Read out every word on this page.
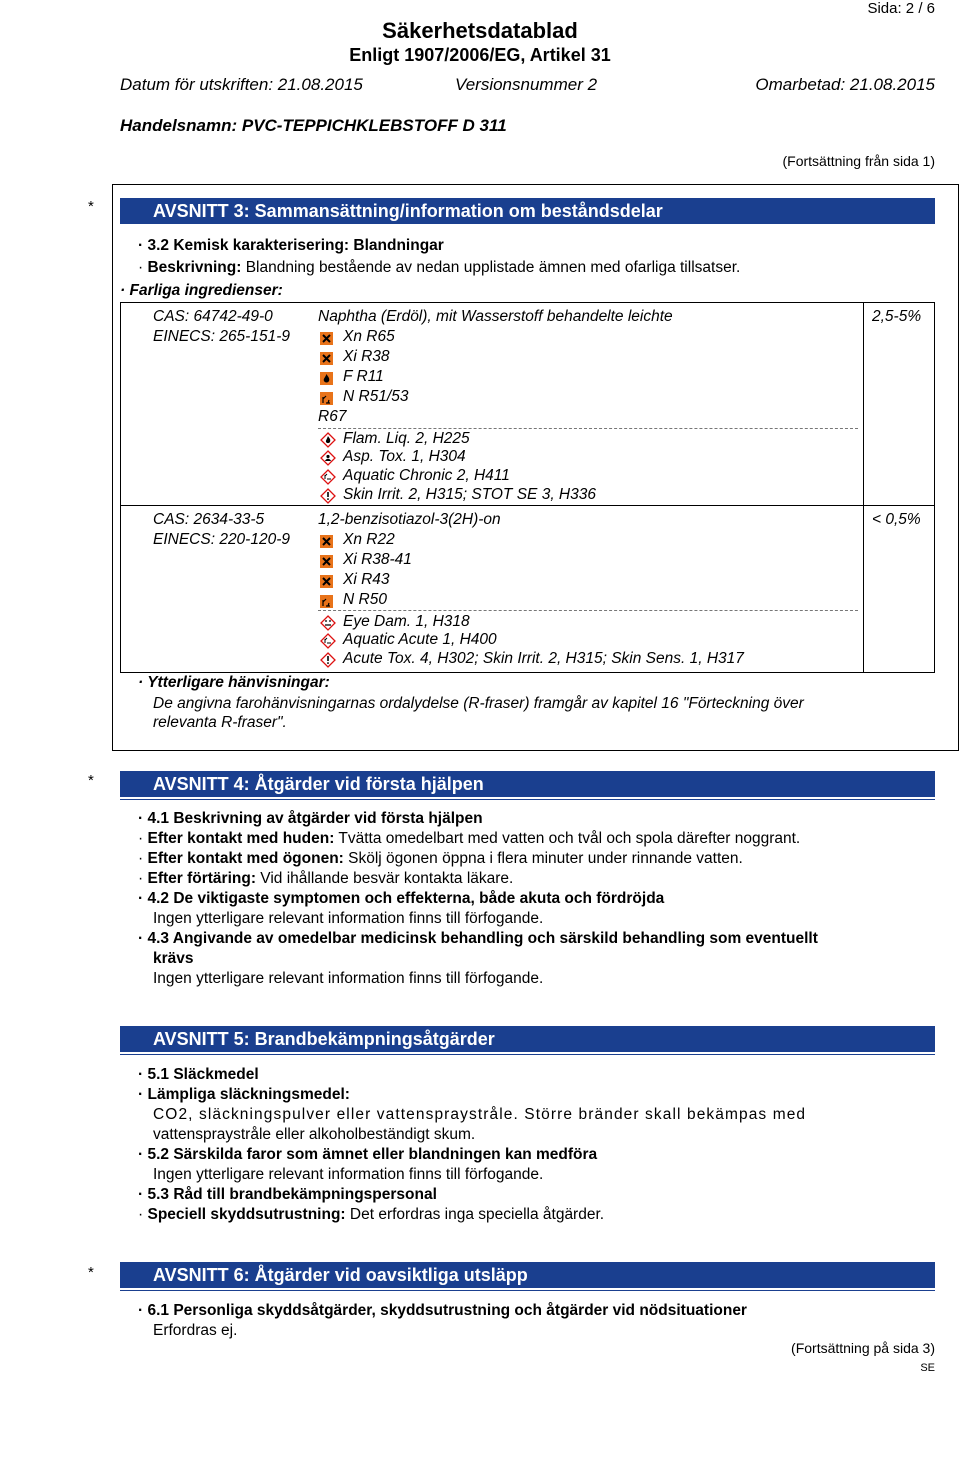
Sida: 2 / 6
Säkerhetsdatablad
Enligt 1907/2006/EG, Artikel 31
Datum för utskriften: 21.08.2015	Versionsnummer 2	Omarbetad: 21.08.2015
Handelsnamn: PVC-TEPPICHKLEBSTOFF D 311
(Fortsättning från sida 1)
*	AVSNITT 3: Sammansättning/information om beståndsdelar
· 3.2 Kemisk karakterisering: Blandningar
· Beskrivning: Blandning bestående av nedan upplistade ämnen med ofarliga tillsatser.
· Farliga ingredienser:
CAS: 64742-49-0
EINECS: 265-151-9
Naphtha (Erdöl), mit Wasserstoff behandelte leichte	2,5-5%
Xn R65
Xi R38
F R11
N R51/53
R67
Flam. Liq. 2, H225
Asp. Tox. 1, H304
Aquatic Chronic 2, H411
Skin Irrit. 2, H315; STOT SE 3, H336
CAS: 2634-33-5
EINECS: 220-120-9
1,2-benzisotiazol-3(2H)-on	< 0,5%
Xn R22
Xi R38-41
Xi R43
N R50
Eye Dam. 1, H318
Aquatic Acute 1, H400
Acute Tox. 4, H302; Skin Irrit. 2, H315; Skin Sens. 1, H317
· Ytterligare hänvisningar:
De angivna farohänvisningarnas ordalydelse (R-fraser) framgår av kapitel 16 "Förteckning över
relevanta R-fraser".
*	AVSNITT 4: Åtgärder vid första hjälpen
· 4.1 Beskrivning av åtgärder vid första hjälpen
· Efter kontakt med huden: Tvätta omedelbart med vatten och tvål och spola därefter noggrant.
· Efter kontakt med ögonen: Skölj ögonen öppna i flera minuter under rinnande vatten.
· Efter förtäring: Vid ihållande besvär kontakta läkare.
· 4.2 De viktigaste symptomen och effekterna, både akuta och fördröjda
Ingen ytterligare relevant information finns till förfogande.
· 4.3 Angivande av omedelbar medicinsk behandling och särskild behandling som eventuellt
krävs
Ingen ytterligare relevant information finns till förfogande.
AVSNITT 5: Brandbekämpningsåtgärder
· 5.1 Släckmedel
· Lämpliga släckningsmedel:
CO2, släckningspulver eller vattenspraystråle. Större bränder skall bekämpas med
vattenspraystråle eller alkoholbeständigt skum.
· 5.2 Särskilda faror som ämnet eller blandningen kan medföra
Ingen ytterligare relevant information finns till förfogande.
· 5.3 Råd till brandbekämpningspersonal
· Speciell skyddsutrustning: Det erfordras inga speciella åtgärder.
*	AVSNITT 6: Åtgärder vid oavsiktliga utsläpp
· 6.1 Personliga skyddsåtgärder, skyddsutrustning och åtgärder vid nödsituationer
Erfordras ej.
(Fortsättning på sida 3)
SE
